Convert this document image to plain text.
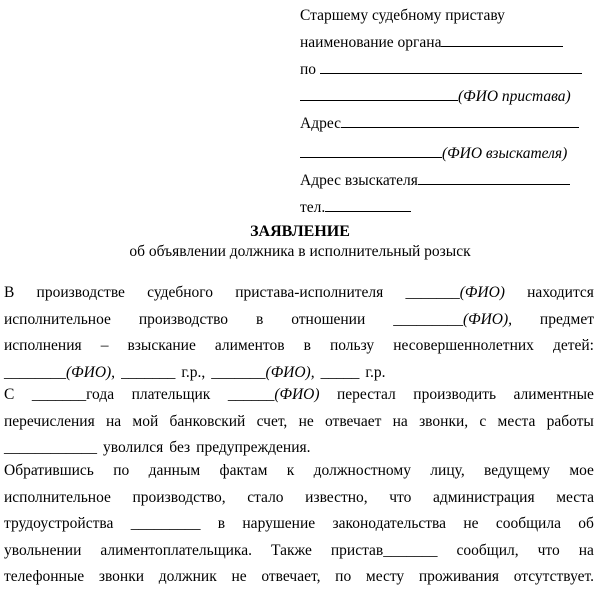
Старшему судебному приставу
наименование органа
по
(ФИО пристава)
Адрес
(ФИО взыскателя)
Адрес взыскателя
тел.
ЗАЯВЛЕНИЕ
об объявлении должника в исполнительный розыск
В производстве судебного пристава-исполнителя _______(ФИО) находится
исполнительное производство в отношении _________(ФИО), предмет
исполнения – взыскание алиментов в пользу несовершеннолетних детей:
________(ФИО), _______ г.р., _______(ФИО), _____ г.р.
С _______года плательщик ______(ФИО) перестал производить алиментные
перечисления на мой банковский счет, не отвечает на звонки, с места работы
____________ уволился без предупреждения.
Обратившись по данным фактам к должностному лицу, ведущему мое
исполнительное производство, стало известно, что администрация места
трудоустройства _________ в нарушение законодательства не сообщила об
увольнении алиментоплательщика. Также пристав_______ сообщил, что на
телефонные звонки должник не отвечает, по месту проживания отсутствует.
